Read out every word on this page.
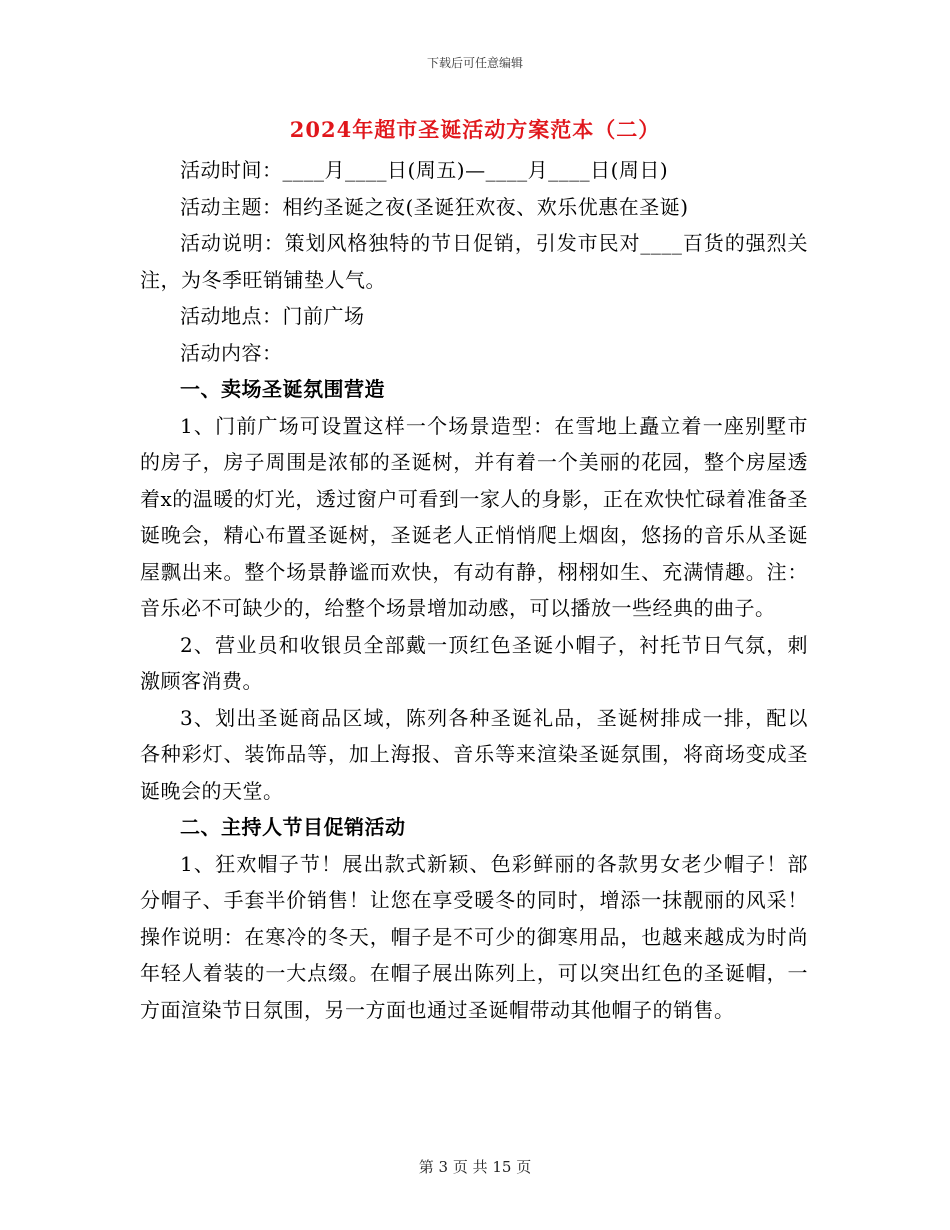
下载后可任意编辑
2024年超市圣诞活动方案范本（二）

活动时间：____月____日(周五)—____月____日(周日)

活动主题：相约圣诞之夜(圣诞狂欢夜、欢乐优惠在圣诞)

活动说明：策划风格独特的节日促销，引发市民对____百货的强烈关注，为冬季旺销铺垫人气。

活动地点：门前广场

活动内容：

一、卖场圣诞氛围营造

1、门前广场可设置这样一个场景造型：在雪地上矗立着一座别墅市的房子，房子周围是浓郁的圣诞树，并有着一个美丽的花园，整个房屋透着x的温暖的灯光，透过窗户可看到一家人的身影，正在欢快忙碌着准备圣诞晚会，精心布置圣诞树，圣诞老人正悄悄爬上烟囱，悠扬的音乐从圣诞屋飘出来。整个场景静谧而欢快，有动有静，栩栩如生、充满情趣。注：音乐必不可缺少的，给整个场景增加动感，可以播放一些经典的曲子。

2、营业员和收银员全部戴一顶红色圣诞小帽子，衬托节日气氛，刺激顾客消费。

3、划出圣诞商品区域，陈列各种圣诞礼品，圣诞树排成一排，配以各种彩灯、装饰品等，加上海报、音乐等来渲染圣诞氛围，将商场变成圣诞晚会的天堂。

二、主持人节目促销活动

1、狂欢帽子节！展出款式新颖、色彩鲜丽的各款男女老少帽子！部分帽子、手套半价销售！让您在享受暖冬的同时，增添一抹靓丽的风采！操作说明：在寒冷的冬天，帽子是不可少的御寒用品，也越来越成为时尚年轻人着装的一大点缀。在帽子展出陈列上，可以突出红色的圣诞帽，一方面渲染节日氛围，另一方面也通过圣诞帽带动其他帽子的销售。

第 3 页 共 15 页
